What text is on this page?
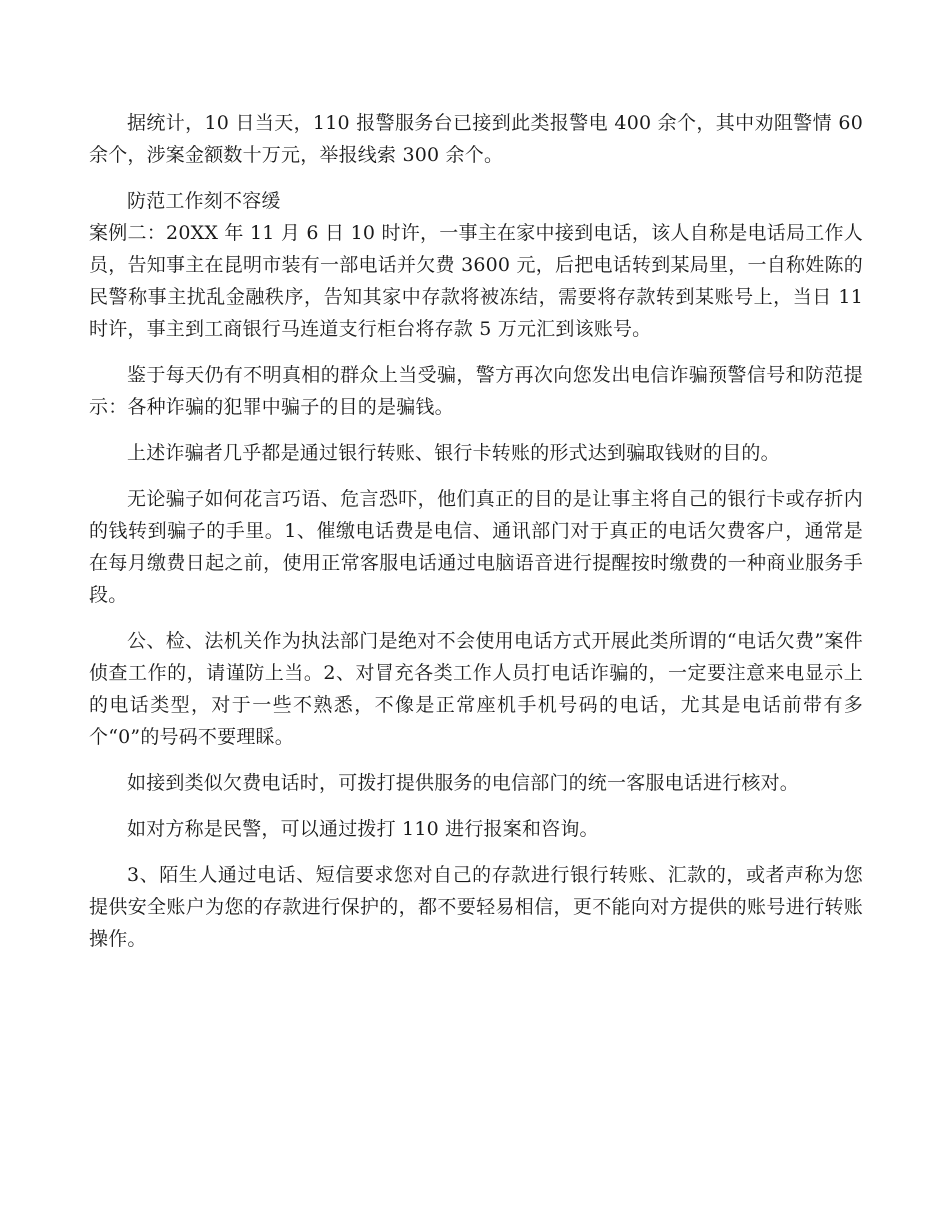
据统计，10 日当天，110 报警服务台已接到此类报警电 400 余个，其中劝阻警情 60 余个，涉案金额数十万元，举报线索 300 余个。

防范工作刻不容缓

案例二：20XX 年 11 月 6 日 10 时许，一事主在家中接到电话，该人自称是电话局工作人员，告知事主在昆明市装有一部电话并欠费 3600 元，后把电话转到某局里，一自称姓陈的民警称事主扰乱金融秩序，告知其家中存款将被冻结，需要将存款转到某账号上，当日 11 时许，事主到工商银行马连道支行柜台将存款 5 万元汇到该账号。

鉴于每天仍有不明真相的群众上当受骗，警方再次向您发出电信诈骗预警信号和防范提示：各种诈骗的犯罪中骗子的目的是骗钱。

上述诈骗者几乎都是通过银行转账、银行卡转账的形式达到骗取钱财的目的。

无论骗子如何花言巧语、危言恐吓，他们真正的目的是让事主将自己的银行卡或存折内的钱转到骗子的手里。1、催缴电话费是电信、通讯部门对于真正的电话欠费客户，通常是在每月缴费日起之前，使用正常客服电话通过电脑语音进行提醒按时缴费的一种商业服务手段。

公、检、法机关作为执法部门是绝对不会使用电话方式开展此类所谓的“电话欠费”案件侦查工作的，请谨防上当。2、对冒充各类工作人员打电话诈骗的，一定要注意来电显示上的电话类型，对于一些不熟悉，不像是正常座机手机号码的电话，尤其是电话前带有多个“0”的号码不要理睬。

如接到类似欠费电话时，可拨打提供服务的电信部门的统一客服电话进行核对。

如对方称是民警，可以通过拨打 110 进行报案和咨询。

3、陌生人通过电话、短信要求您对自己的存款进行银行转账、汇款的，或者声称为您提供安全账户为您的存款进行保护的，都不要轻易相信，更不能向对方提供的账号进行转账操作。
